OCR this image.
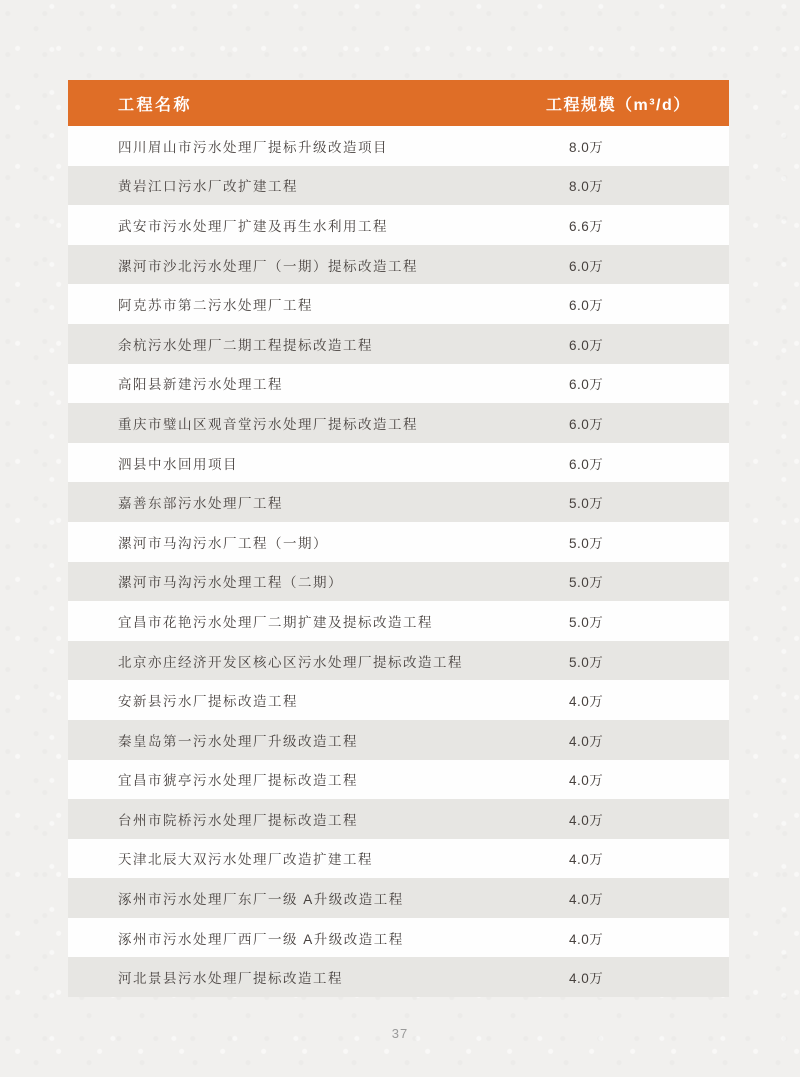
工程名称	工程规模（m³/d）
四川眉山市污水处理厂提标升级改造项目	8.0万
黄岩江口污水厂改扩建工程	8.0万
武安市污水处理厂扩建及再生水利用工程	6.6万
漯河市沙北污水处理厂（一期）提标改造工程	6.0万
阿克苏市第二污水处理厂工程	6.0万
余杭污水处理厂二期工程提标改造工程	6.0万
高阳县新建污水处理工程	6.0万
重庆市璧山区观音堂污水处理厂提标改造工程	6.0万
泗县中水回用项目	6.0万
嘉善东部污水处理厂工程	5.0万
漯河市马沟污水厂工程（一期）	5.0万
漯河市马沟污水处理工程（二期）	5.0万
宜昌市花艳污水处理厂二期扩建及提标改造工程	5.0万
北京亦庄经济开发区核心区污水处理厂提标改造工程	5.0万
安新县污水厂提标改造工程	4.0万
秦皇岛第一污水处理厂升级改造工程	4.0万
宜昌市猇亭污水处理厂提标改造工程	4.0万
台州市院桥污水处理厂提标改造工程	4.0万
天津北辰大双污水处理厂改造扩建工程	4.0万
涿州市污水处理厂东厂一级 A升级改造工程	4.0万
涿州市污水处理厂西厂一级 A升级改造工程	4.0万
河北景县污水处理厂提标改造工程	4.0万
37
